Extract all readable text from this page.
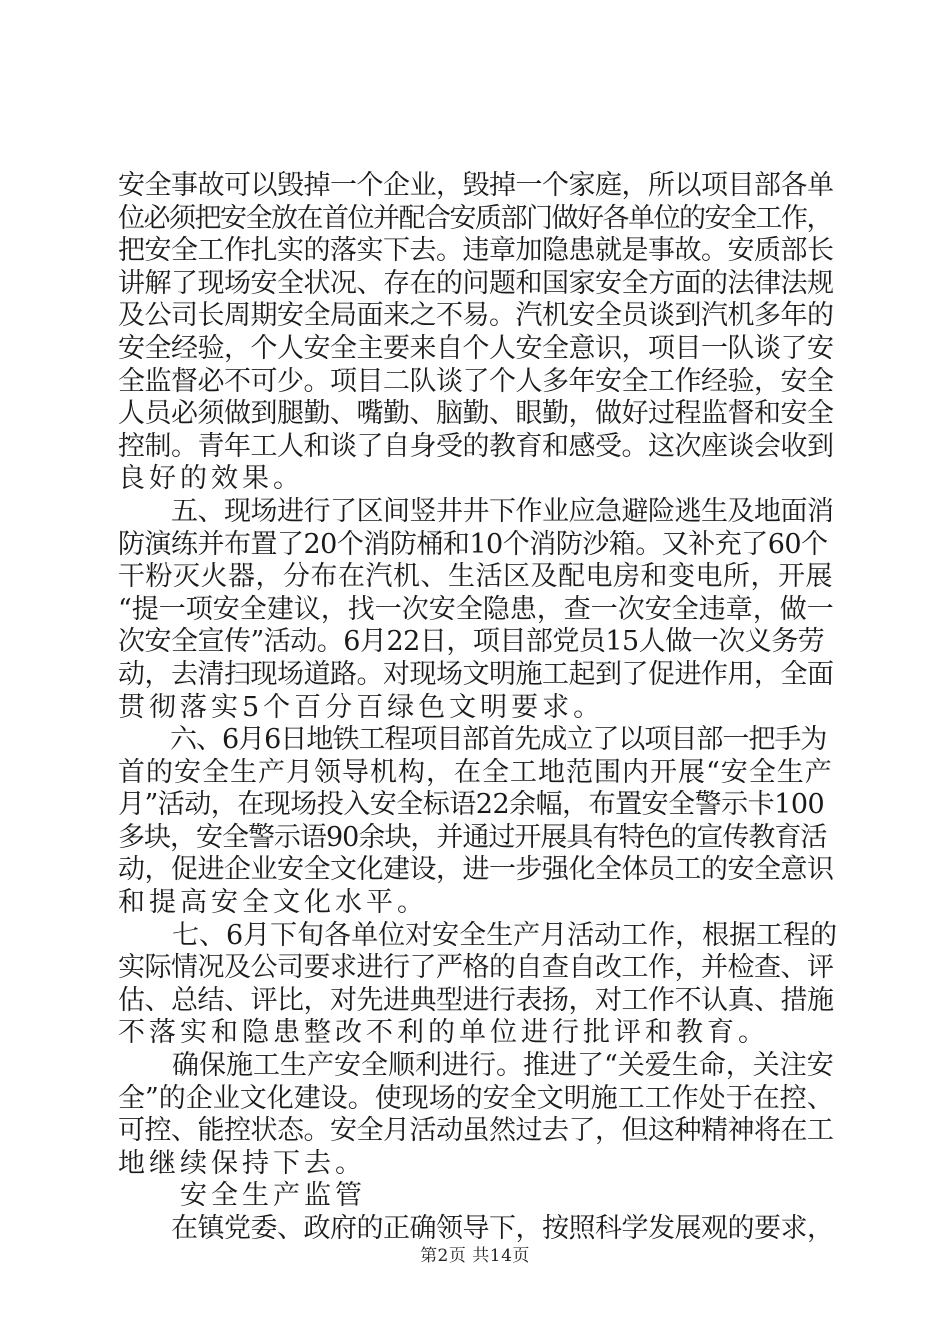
安全事故可以毁掉一个企业，毁掉一个家庭，所以项目部各单
位必须把安全放在首位并配合安质部门做好各单位的安全工作，
把安全工作扎实的落实下去。违章加隐患就是事故。安质部长
讲解了现场安全状况、存在的问题和国家安全方面的法律法规
及公司长周期安全局面来之不易。汽机安全员谈到汽机多年的
安全经验，个人安全主要来自个人安全意识，项目一队谈了安
全监督必不可少。项目二队谈了个人多年安全工作经验，安全
人员必须做到腿勤、嘴勤、脑勤、眼勤，做好过程监督和安全
控制。青年工人和谈了自身受的教育和感受。这次座谈会收到
良好的效果。
　　五、现场进行了区间竖井井下作业应急避险逃生及地面消
防演练并布置了20个消防桶和10个消防沙箱。又补充了60个
干粉灭火器，分布在汽机、生活区及配电房和变电所，开展
“提一项安全建议，找一次安全隐患，查一次安全违章，做一
次安全宣传”活动。6月22日，项目部党员15人做一次义务劳
动，去清扫现场道路。对现场文明施工起到了促进作用，全面
贯彻落实5个百分百绿色文明要求。
　　六、6月6日地铁工程项目部首先成立了以项目部一把手为
首的安全生产月领导机构，在全工地范围内开展“安全生产
月”活动，在现场投入安全标语22余幅，布置安全警示卡100
多块，安全警示语90余块，并通过开展具有特色的宣传教育活
动，促进企业安全文化建设，进一步强化全体员工的安全意识
和提高安全文化水平。
　　七、6月下旬各单位对安全生产月活动工作，根据工程的
实际情况及公司要求进行了严格的自查自改工作，并检查、评
估、总结、评比，对先进典型进行表扬，对工作不认真、措施
不落实和隐患整改不利的单位进行批评和教育。
　　确保施工生产安全顺利进行。推进了“关爱生命，关注安
全”的企业文化建设。使现场的安全文明施工工作处于在控、
可控、能控状态。安全月活动虽然过去了，但这种精神将在工
地继续保持下去。
　　安全生产监管
　　在镇党委、政府的正确领导下，按照科学发展观的要求，
第2页 共14页
